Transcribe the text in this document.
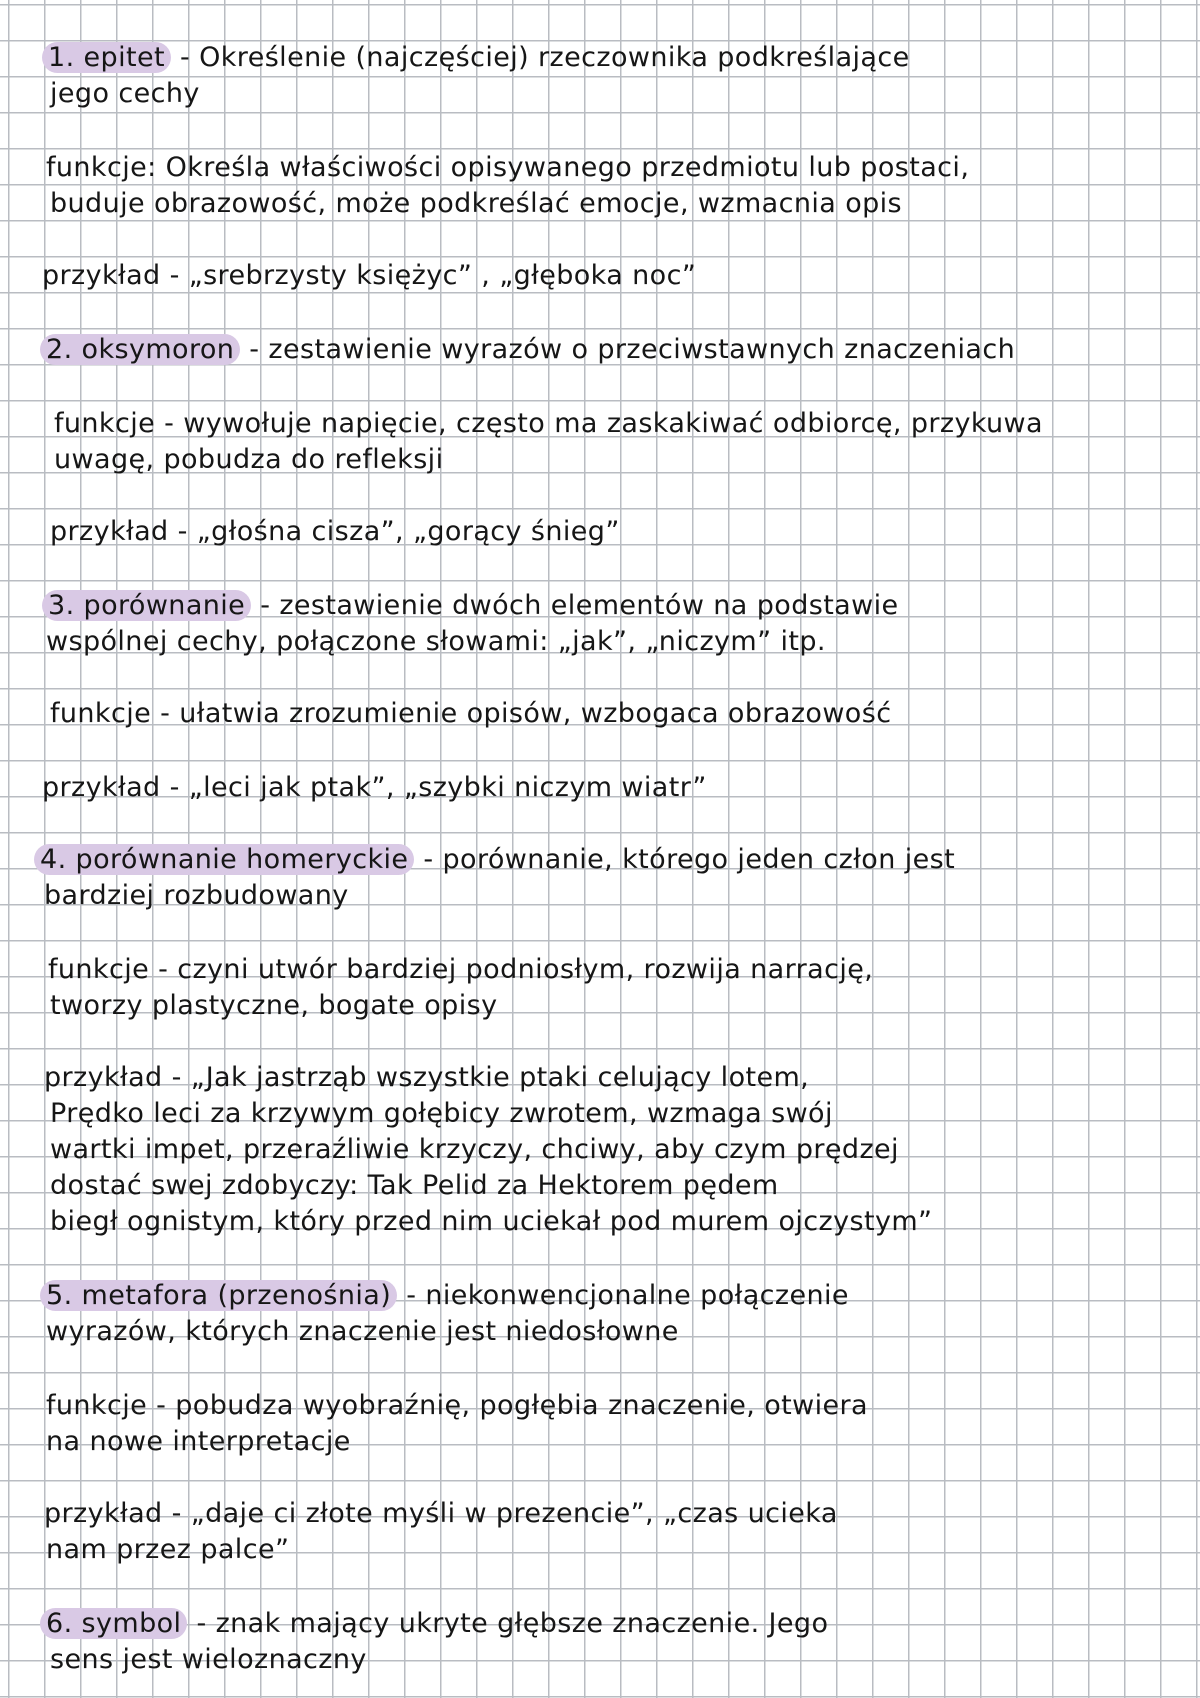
1. epitet - Określenie (najczęściej) rzeczownika podkreślające
jego cechy
funkcje: Określa właściwości opisywanego przedmiotu lub postaci,
buduje obrazowość, może podkreślać emocje, wzmacnia opis
przykład - „srebrzysty księżyc” , „głęboka noc”
2. oksymoron - zestawienie wyrazów o przeciwstawnych znaczeniach
funkcje - wywołuje napięcie, często ma zaskakiwać odbiorcę, przykuwa
uwagę, pobudza do refleksji
przykład - „głośna cisza”, „gorący śnieg”
3. porównanie - zestawienie dwóch elementów na podstawie
wspólnej cechy, połączone słowami: „jak”, „niczym” itp.
funkcje - ułatwia zrozumienie opisów, wzbogaca obrazowość
przykład - „leci jak ptak”, „szybki niczym wiatr”
4. porównanie homeryckie - porównanie, którego jeden człon jest
bardziej rozbudowany
funkcje - czyni utwór bardziej podniosłym, rozwija narrację,
tworzy plastyczne, bogate opisy
przykład - „Jak jastrząb wszystkie ptaki celujący lotem,
Prędko leci za krzywym gołębicy zwrotem, wzmaga swój
wartki impet, przeraźliwie krzyczy, chciwy, aby czym prędzej
dostać swej zdobyczy: Tak Pelid za Hektorem pędem
biegł ognistym, który przed nim uciekał pod murem ojczystym”
5. metafora (przenośnia) - niekonwencjonalne połączenie
wyrazów, których znaczenie jest niedosłowne
funkcje - pobudza wyobraźnię, pogłębia znaczenie, otwiera
na nowe interpretacje
przykład - „daje ci złote myśli w prezencie”, „czas ucieka
nam przez palce”
6. symbol - znak mający ukryte głębsze znaczenie. Jego
sens jest wieloznaczny
